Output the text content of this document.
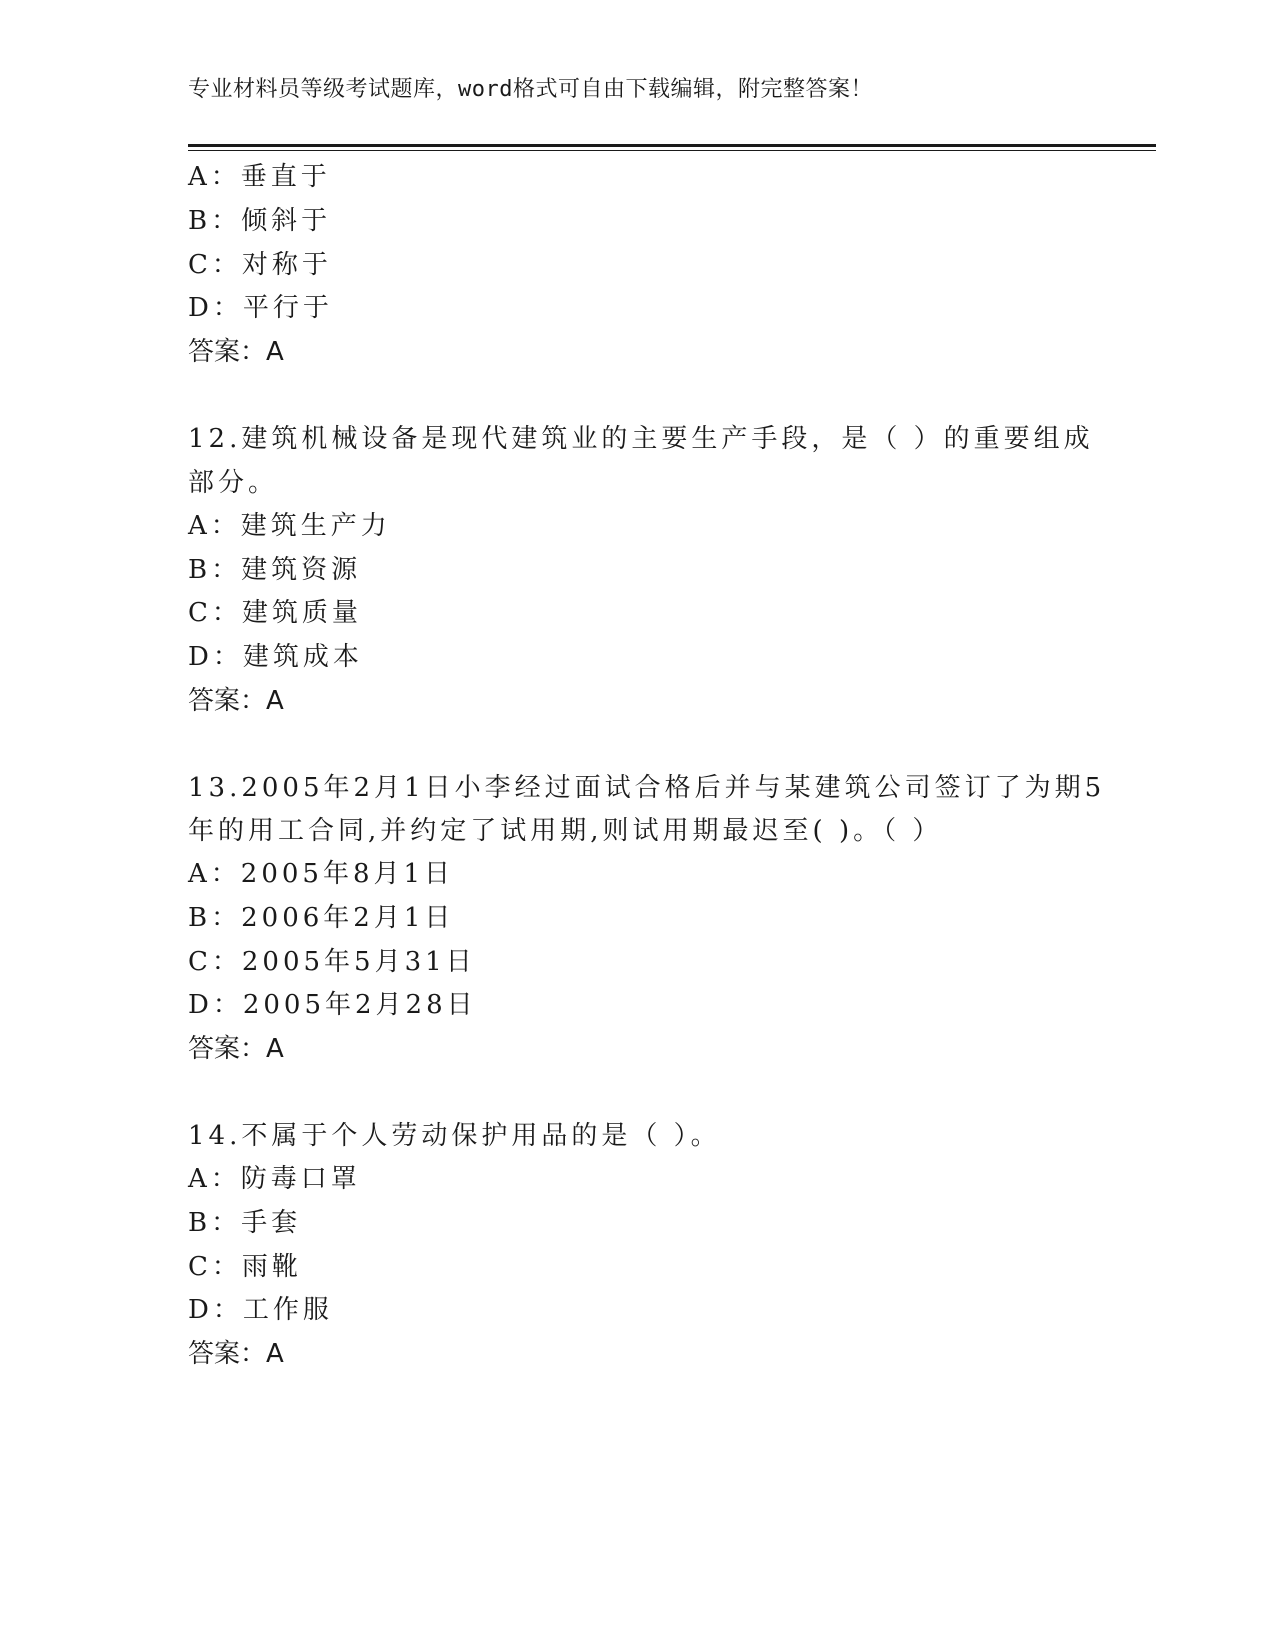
专业材料员等级考试题库，word格式可自由下载编辑，附完整答案！
A：垂直于
B：倾斜于
C：对称于
D：平行于
答案：A
12.建筑机械设备是现代建筑业的主要生产手段，是（ ）的重要组成
部分。
A：建筑生产力
B：建筑资源
C：建筑质量
D：建筑成本
答案：A
13.2005年2月1日小李经过面试合格后并与某建筑公司签订了为期5
年的用工合同,并约定了试用期,则试用期最迟至( )。（ ）
A：2005年8月1日
B：2006年2月1日
C：2005年5月31日
D：2005年2月28日
答案：A
14.不属于个人劳动保护用品的是（ ）。
A：防毒口罩
B：手套
C：雨靴
D：工作服
答案：A
